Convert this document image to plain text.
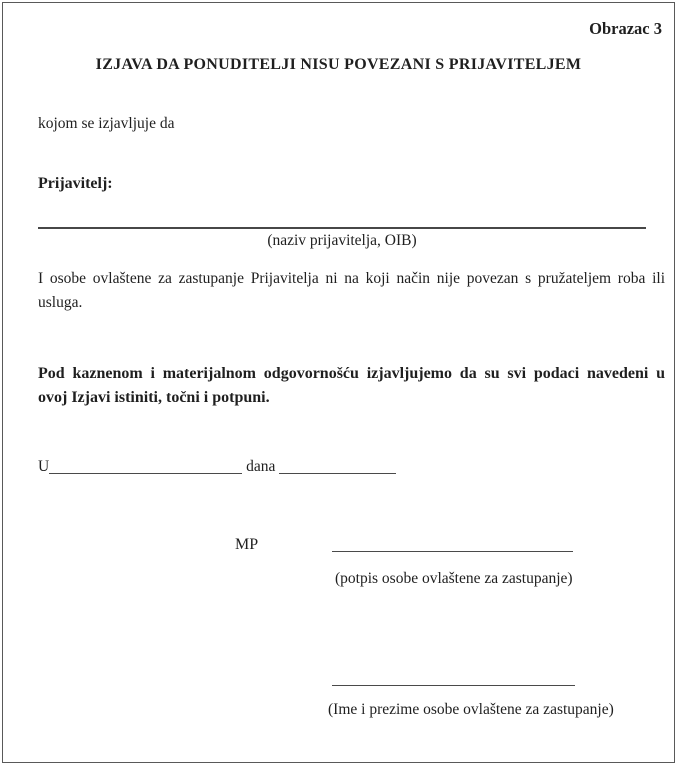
Obrazac 3
IZJAVA DA PONUDITELJI NISU POVEZANI S PRIJAVITELJEM
kojom se izjavljuje da
Prijavitelj:
(naziv prijavitelja, OIB)
I osobe ovlaštene za zastupanje Prijavitelja ni na koji način nije povezan s pružateljem roba ili
usluga.
Pod kaznenom i materijalnom odgovornošću izjavljujemo da su svi podaci navedeni u
ovoj Izjavi istiniti, točni i potpuni.
U	dana
MP
(potpis osobe ovlaštene za zastupanje)
(Ime i prezime osobe ovlaštene za zastupanje)
